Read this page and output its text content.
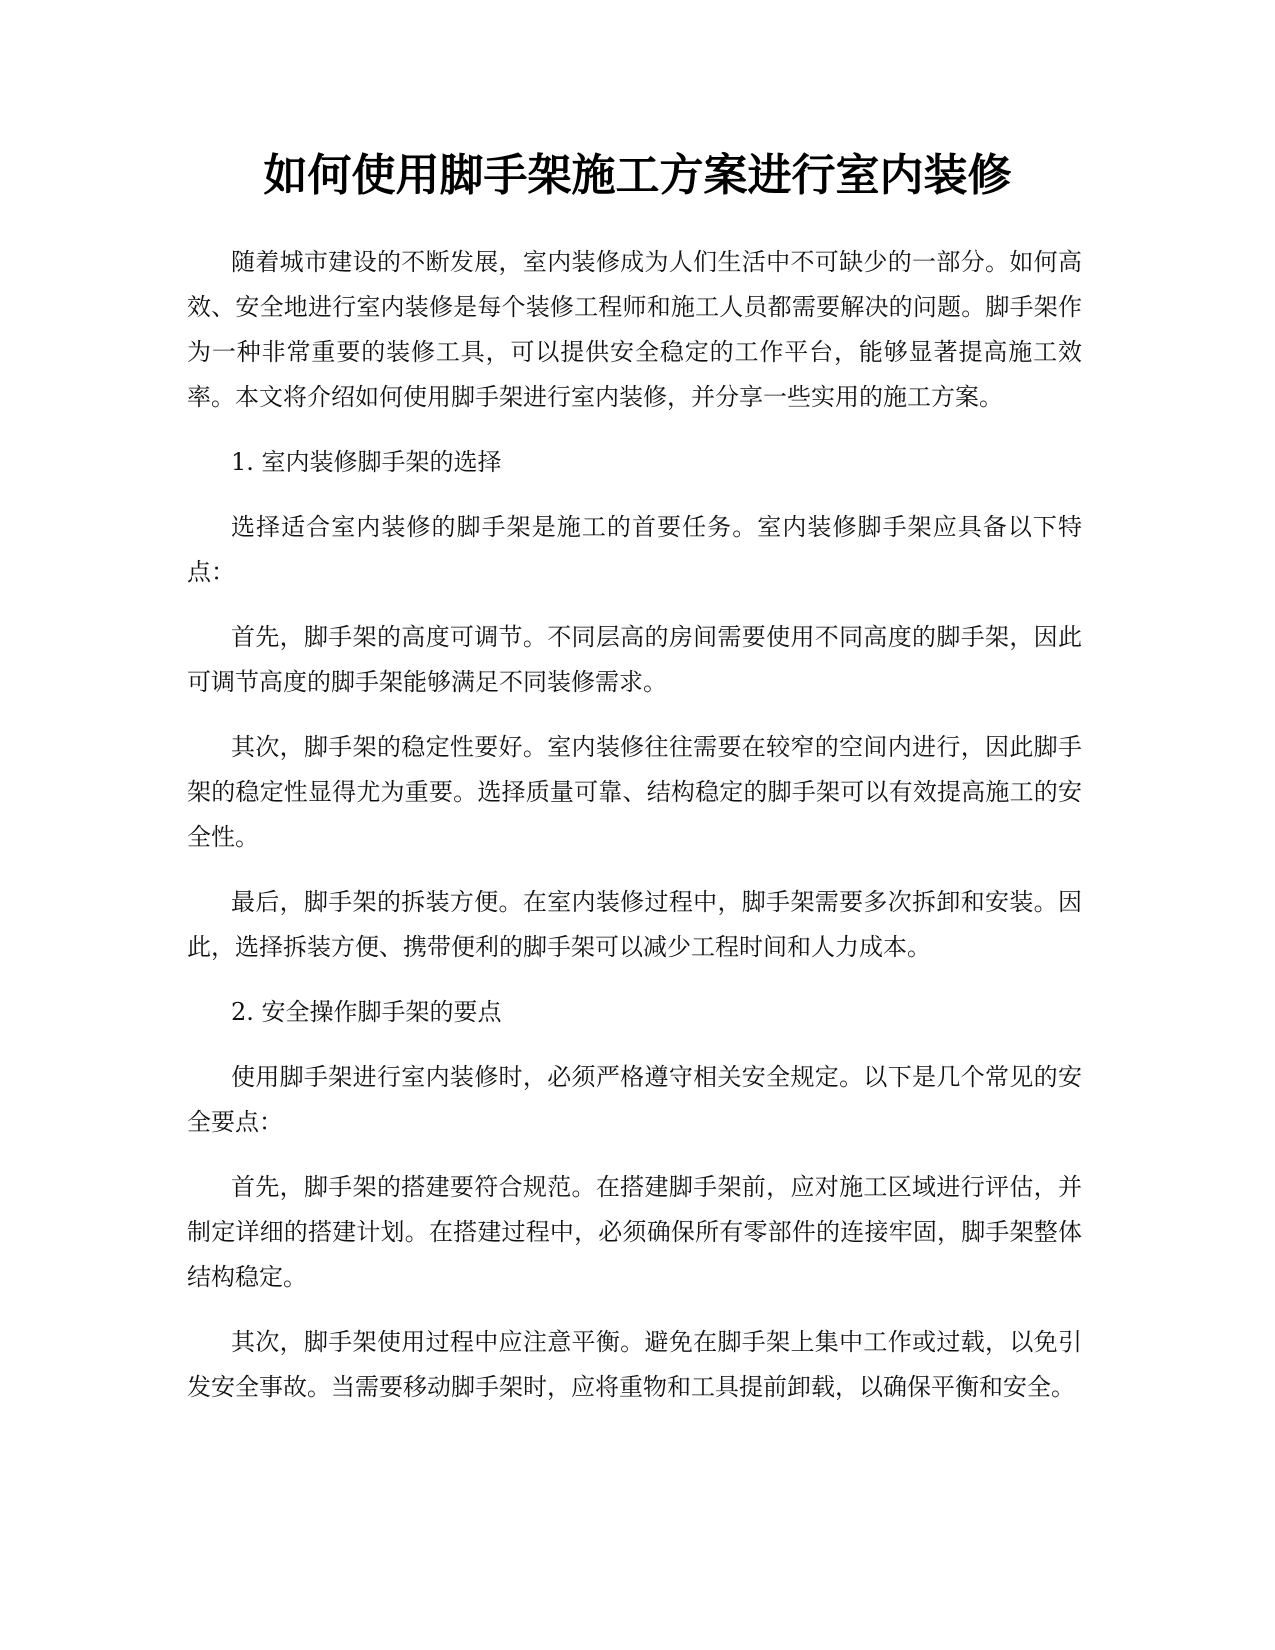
如何使用脚手架施工方案进行室内装修

随着城市建设的不断发展，室内装修成为人们生活中不可缺少的一部分。如何高效、安全地进行室内装修是每个装修工程师和施工人员都需要解决的问题。脚手架作为一种非常重要的装修工具，可以提供安全稳定的工作平台，能够显著提高施工效率。本文将介绍如何使用脚手架进行室内装修，并分享一些实用的施工方案。

1. 室内装修脚手架的选择

选择适合室内装修的脚手架是施工的首要任务。室内装修脚手架应具备以下特点：

首先，脚手架的高度可调节。不同层高的房间需要使用不同高度的脚手架，因此可调节高度的脚手架能够满足不同装修需求。

其次，脚手架的稳定性要好。室内装修往往需要在较窄的空间内进行，因此脚手架的稳定性显得尤为重要。选择质量可靠、结构稳定的脚手架可以有效提高施工的安全性。

最后，脚手架的拆装方便。在室内装修过程中，脚手架需要多次拆卸和安装。因此，选择拆装方便、携带便利的脚手架可以减少工程时间和人力成本。

2. 安全操作脚手架的要点

使用脚手架进行室内装修时，必须严格遵守相关安全规定。以下是几个常见的安全要点：

首先，脚手架的搭建要符合规范。在搭建脚手架前，应对施工区域进行评估，并制定详细的搭建计划。在搭建过程中，必须确保所有零部件的连接牢固，脚手架整体结构稳定。

其次，脚手架使用过程中应注意平衡。避免在脚手架上集中工作或过载，以免引发安全事故。当需要移动脚手架时，应将重物和工具提前卸载，以确保平衡和安全。
